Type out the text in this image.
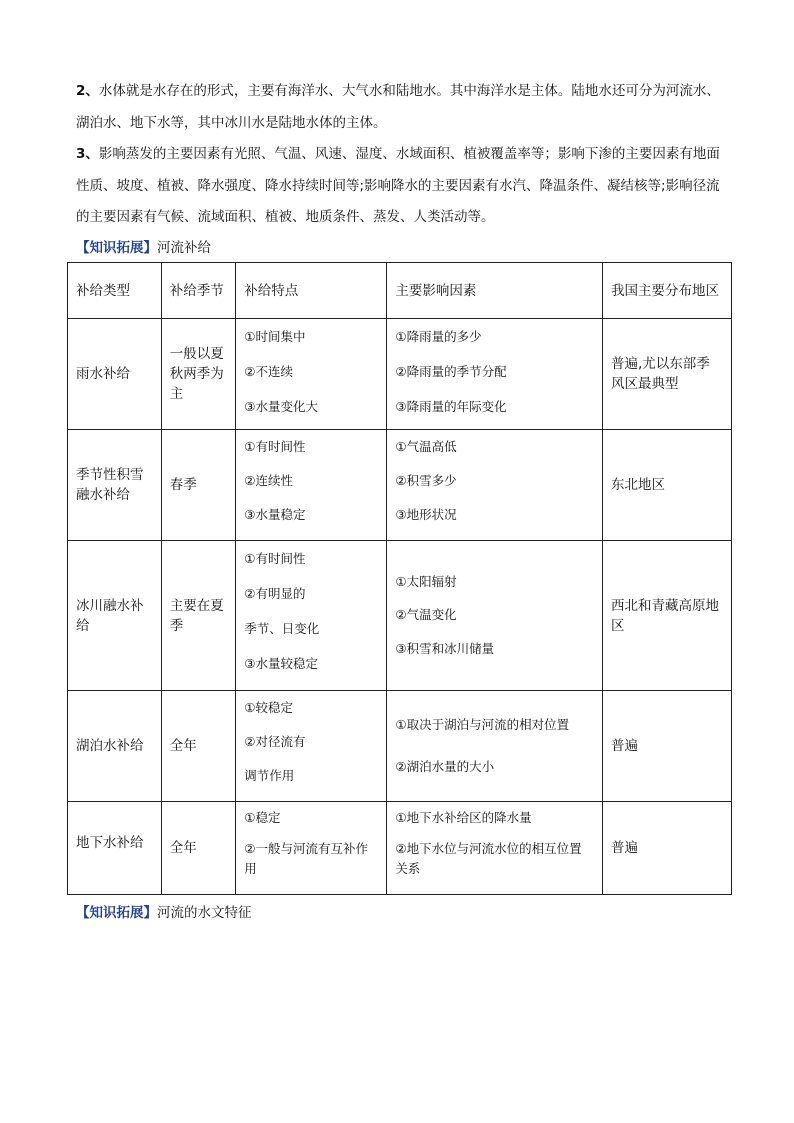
2、水体就是水存在的形式，主要有海洋水、大气水和陆地水。其中海洋水是主体。陆地水还可分为河流水、湖泊水、地下水等，其中冰川水是陆地水体的主体。

3、影响蒸发的主要因素有光照、气温、风速、湿度、水域面积、植被覆盖率等；影响下渗的主要因素有地面性质、坡度、植被、降水强度、降水持续时间等;影响降水的主要因素有水汽、降温条件、凝结核等;影响径流的主要因素有气候、流域面积、植被、地质条件、蒸发、人类活动等。

【知识拓展】河流补给

补给类型	补给季节	补给特点	主要影响因素	我国主要分布地区
雨水补给	一般以夏秋两季为主	①时间集中
②不连续
③水量变化大	①降雨量的多少
②降雨量的季节分配
③降雨量的年际变化	普遍,尤以东部季风区最典型
季节性积雪融水补给	春季	①有时间性
②连续性
③水量稳定	①气温高低
②积雪多少
③地形状况	东北地区
冰川融水补给	主要在夏季	①有时间性
②有明显的
季节、日变化
③水量较稳定	①太阳辐射
②气温变化
③积雪和冰川储量	西北和青藏高原地区
湖泊水补给	全年	①较稳定
②对径流有
调节作用	①取决于湖泊与河流的相对位置
②湖泊水量的大小	普遍
地下水补给	全年	①稳定
②一般与河流有互补作用	①地下水补给区的降水量
②地下水位与河流水位的相互位置关系	普遍

【知识拓展】河流的水文特征
